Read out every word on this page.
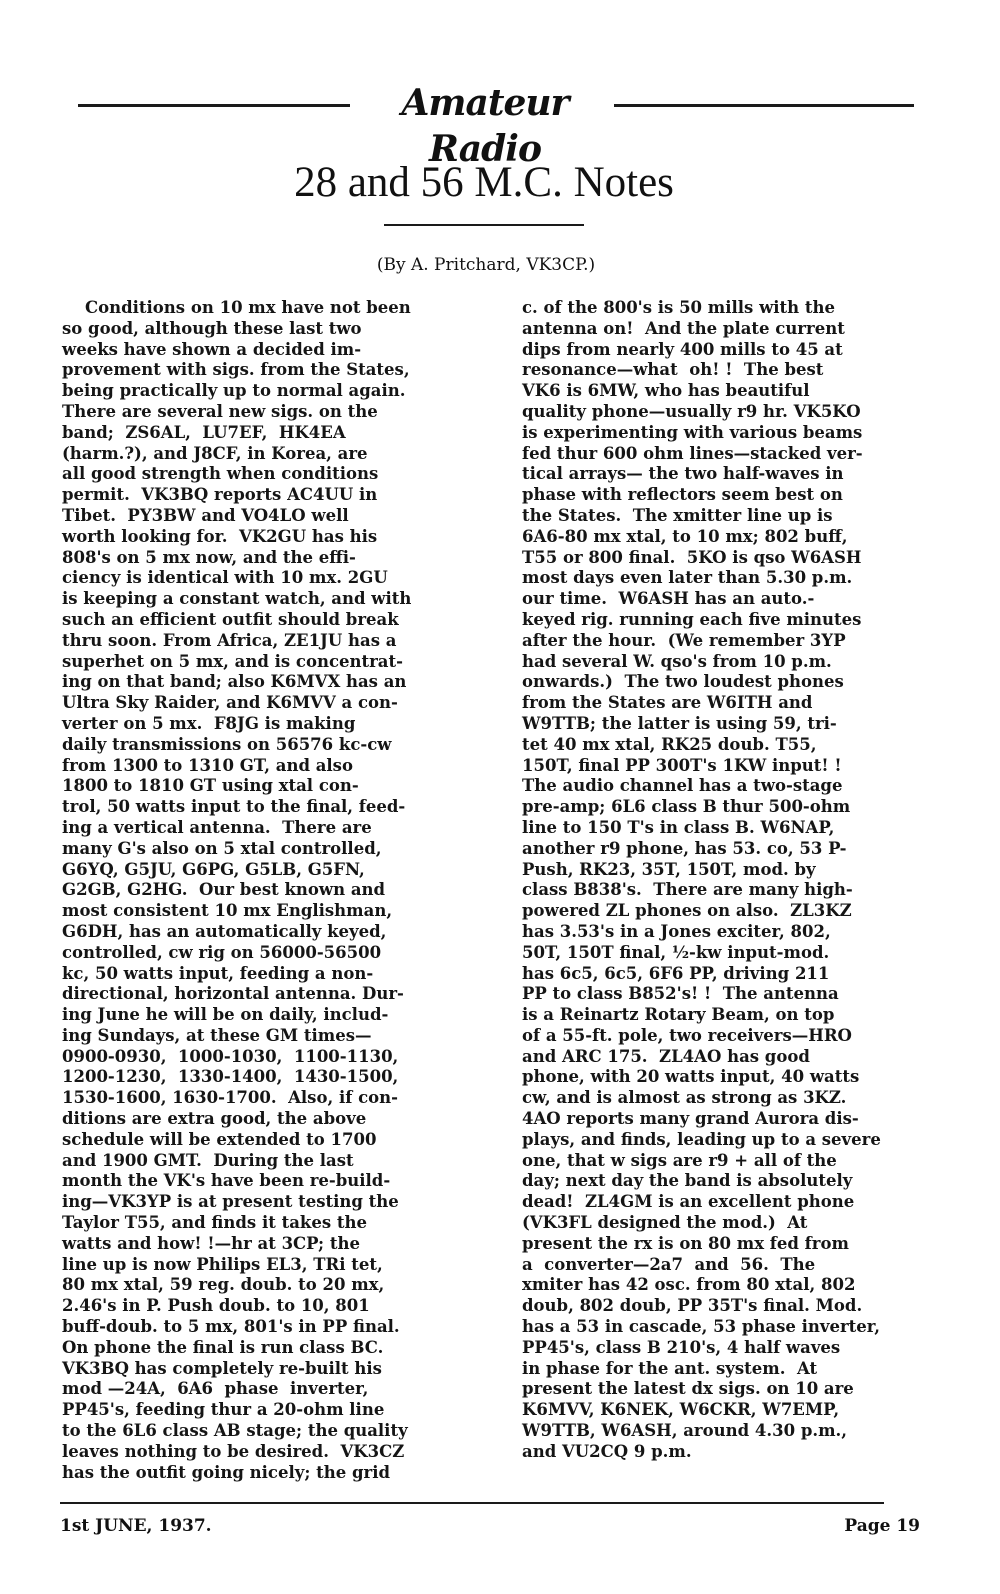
Amateur Radio
28 and 56 M.C. Notes
(By A. Pritchard, VK3CP.)
Conditions on 10 mx have not been
so good, although these last two
weeks have shown a decided im-
provement with sigs. from the States,
being practically up to normal again.
There are several new sigs. on the
band;  ZS6AL,  LU7EF,  HK4EA
(harm.?), and J8CF, in Korea, are
all good strength when conditions
permit.  VK3BQ reports AC4UU in
Tibet.  PY3BW and VO4LO well
worth looking for.  VK2GU has his
808's on 5 mx now, and the effi-
ciency is identical with 10 mx. 2GU
is keeping a constant watch, and with
such an efficient outfit should break
thru soon. From Africa, ZE1JU has a
superhet on 5 mx, and is concentrat-
ing on that band; also K6MVX has an
Ultra Sky Raider, and K6MVV a con-
verter on 5 mx.  F8JG is making
daily transmissions on 56576 kc-cw
from 1300 to 1310 GT, and also
1800 to 1810 GT using xtal con-
trol, 50 watts input to the final, feed-
ing a vertical antenna.  There are
many G's also on 5 xtal controlled,
G6YQ, G5JU, G6PG, G5LB, G5FN,
G2GB, G2HG.  Our best known and
most consistent 10 mx Englishman,
G6DH, has an automatically keyed,
controlled, cw rig on 56000-56500
kc, 50 watts input, feeding a non-
directional, horizontal antenna. Dur-
ing June he will be on daily, includ-
ing Sundays, at these GM times—
0900-0930,  1000-1030,  1100-1130,
1200-1230,  1330-1400,  1430-1500,
1530-1600, 1630-1700.  Also, if con-
ditions are extra good, the above
schedule will be extended to 1700
and 1900 GMT.  During the last
month the VK's have been re-build-
ing—VK3YP is at present testing the
Taylor T55, and finds it takes the
watts and how! !—hr at 3CP; the
line up is now Philips EL3, TRi tet,
80 mx xtal, 59 reg. doub. to 20 mx,
2.46's in P. Push doub. to 10, 801
buff-doub. to 5 mx, 801's in PP final.
On phone the final is run class BC.
VK3BQ has completely re-built his
mod —24A,  6A6  phase  inverter,
PP45's, feeding thur a 20-ohm line
to the 6L6 class AB stage; the quality
leaves nothing to be desired.  VK3CZ
has the outfit going nicely; the grid
c. of the 800's is 50 mills with the
antenna on!  And the plate current
dips from nearly 400 mills to 45 at
resonance—what  oh! !  The best
VK6 is 6MW, who has beautiful
quality phone—usually r9 hr. VK5KO
is experimenting with various beams
fed thur 600 ohm lines—stacked ver-
tical arrays— the two half-waves in
phase with reflectors seem best on
the States.  The xmitter line up is
6A6-80 mx xtal, to 10 mx; 802 buff,
T55 or 800 final.  5KO is qso W6ASH
most days even later than 5.30 p.m.
our time.  W6ASH has an auto.-
keyed rig. running each five minutes
after the hour.  (We remember 3YP
had several W. qso's from 10 p.m.
onwards.)  The two loudest phones
from the States are W6ITH and
W9TTB; the latter is using 59, tri-
tet 40 mx xtal, RK25 doub. T55,
150T, final PP 300T's 1KW input! !
The audio channel has a two-stage
pre-amp; 6L6 class B thur 500-ohm
line to 150 T's in class B. W6NAP,
another r9 phone, has 53. co, 53 P-
Push, RK23, 35T, 150T, mod. by
class B838's.  There are many high-
powered ZL phones on also.  ZL3KZ
has 3.53's in a Jones exciter, 802,
50T, 150T final, ½-kw input-mod.
has 6c5, 6c5, 6F6 PP, driving 211
PP to class B852's! !  The antenna
is a Reinartz Rotary Beam, on top
of a 55-ft. pole, two receivers—HRO
and ARC 175.  ZL4AO has good
phone, with 20 watts input, 40 watts
cw, and is almost as strong as 3KZ.
4AO reports many grand Aurora dis-
plays, and finds, leading up to a severe
one, that w sigs are r9 + all of the
day; next day the band is absolutely
dead!  ZL4GM is an excellent phone
(VK3FL designed the mod.)  At
present the rx is on 80 mx fed from
a  converter—2a7  and  56.  The
xmiter has 42 osc. from 80 xtal, 802
doub, 802 doub, PP 35T's final. Mod.
has a 53 in cascade, 53 phase inverter,
PP45's, class B 210's, 4 half waves
in phase for the ant. system.  At
present the latest dx sigs. on 10 are
K6MVV, K6NEK, W6CKR, W7EMP,
W9TTB, W6ASH, around 4.30 p.m.,
and VU2CQ 9 p.m.
1st JUNE, 1937.	Page 19
